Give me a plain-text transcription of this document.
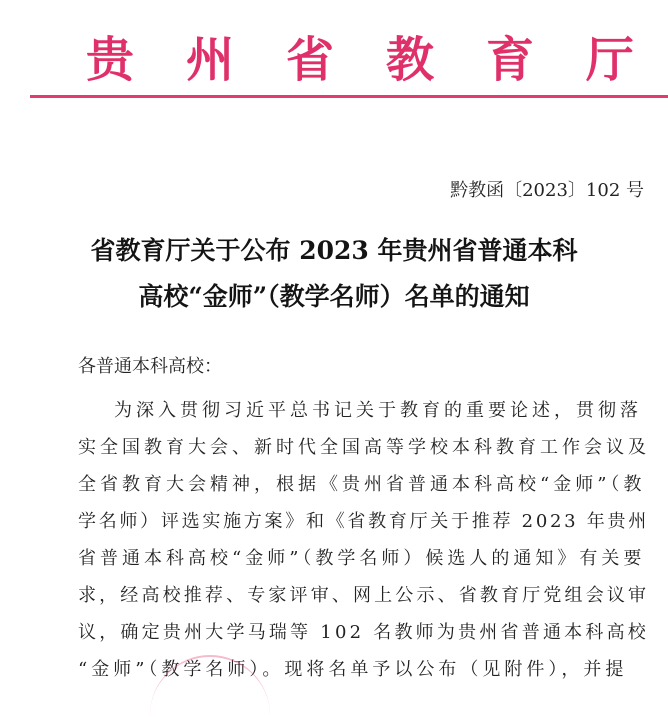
贵 州 省 教 育 厅
黔教函〔2023〕102 号
省教育厅关于公布 2023 年贵州省普通本科
高校“金师”（教学名师）名单的通知
各普通本科高校：
为深入贯彻习近平总书记关于教育的重要论述，贯彻落
实全国教育大会、新时代全国高等学校本科教育工作会议及
全省教育大会精神，根据《贵州省普通本科高校“金师”（教
学名师）评选实施方案》和《省教育厅关于推荐 2023 年贵州
省普通本科高校“金师”（教学名师）候选人的通知》有关要
求，经高校推荐、专家评审、网上公示、省教育厅党组会议审
议，确定贵州大学马瑞等 102 名教师为贵州省普通本科高校
“金师”（教学名师）。现将名单予以公布（见附件），并提
